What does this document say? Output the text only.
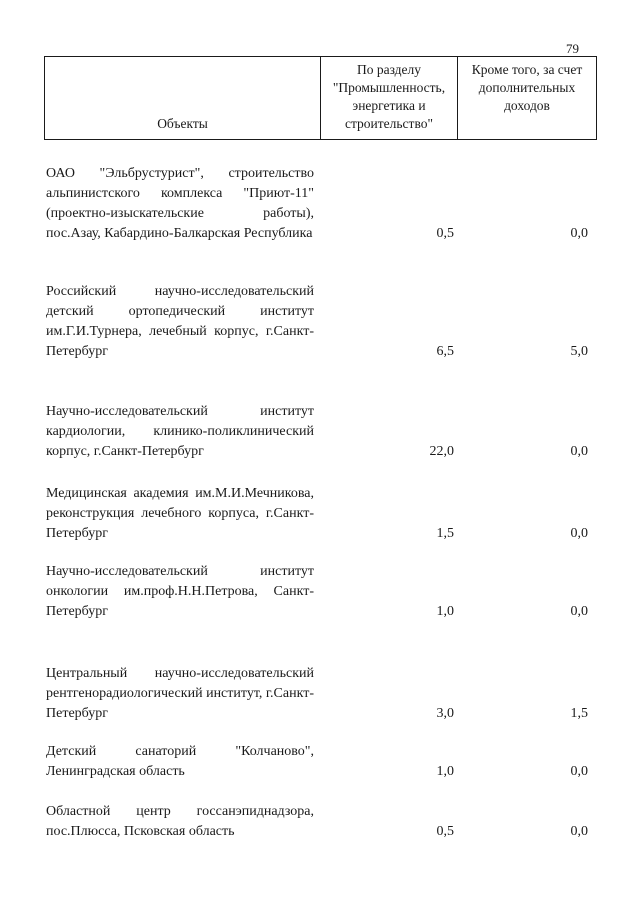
79
Объекты	По разделу "Промышленность, энергетика и строительство"	Кроме того, за счет дополнительных доходов
ОАО "Эльбрустурист", строительство альпинистского комплекса "Приют-11" (проектно-изыскательские работы), пос.Азау, Кабардино-Балкарская Республика	0,5	0,0
Российский научно-исследовательский детский ортопедический институт им.Г.И.Турнера, лечебный корпус, г.Санкт-Петербург	6,5	5,0
Научно-исследовательский институт кардиологии, клинико-поликлинический корпус, г.Санкт-Петербург	22,0	0,0
Медицинская академия им.М.И.Мечникова, реконструкция лечебного корпуса, г.Санкт-Петербург	1,5	0,0
Научно-исследовательский институт онкологии им.проф.Н.Н.Петрова, Санкт-Петербург	1,0	0,0
Центральный научно-исследовательский рентгенорадиологический институт, г.Санкт-Петербург	3,0	1,5
Детский санаторий "Колчаново", Ленинградская область	1,0	0,0
Областной центр госсанэпиднадзора, пос.Плюсса, Псковская область	0,5	0,0
